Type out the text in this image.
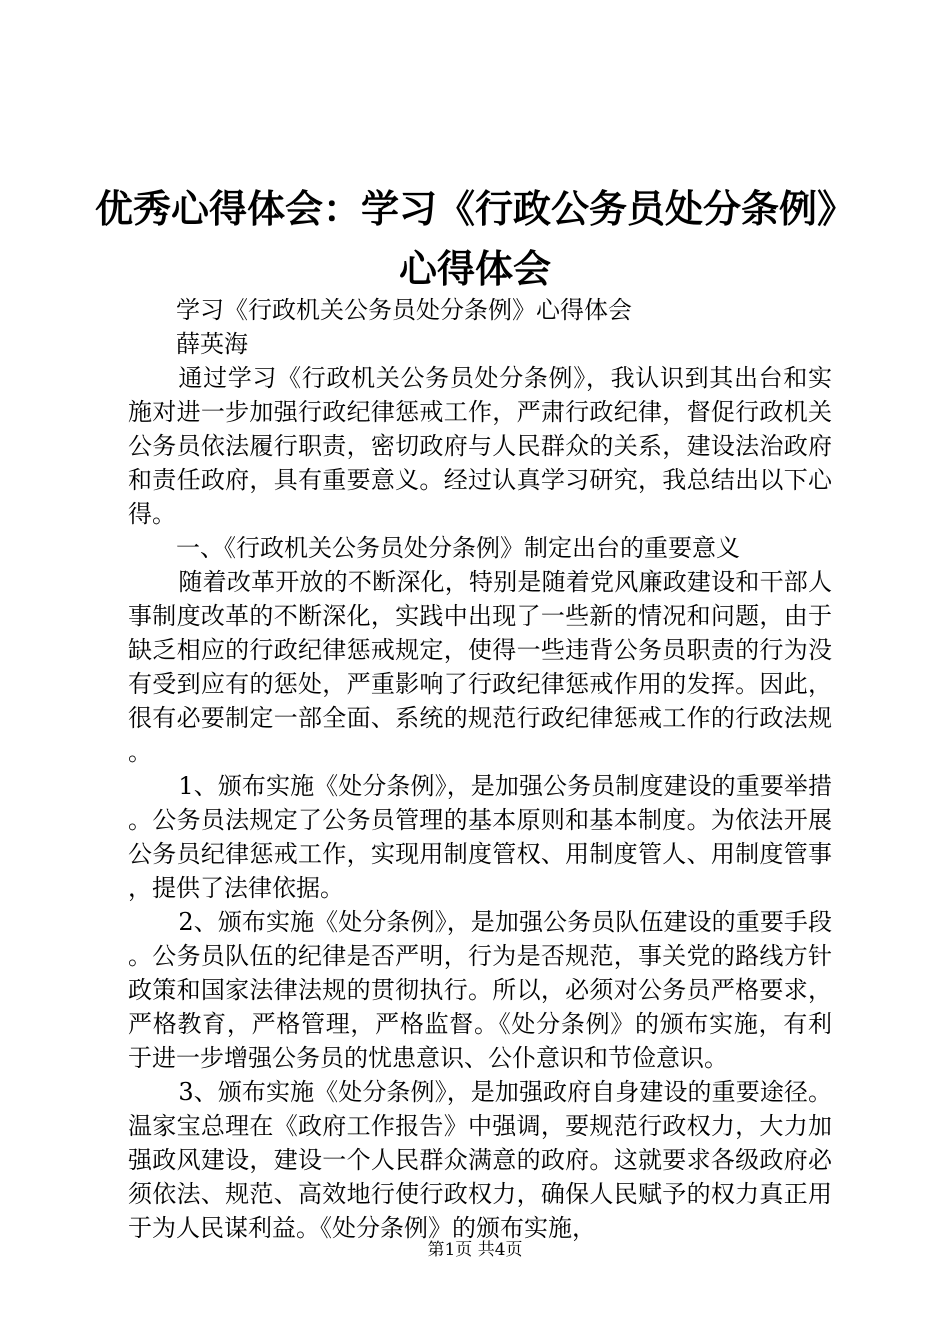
优秀心得体会：学习《行政公务员处分条例》
心得体会

学习《行政机关公务员处分条例》心得体会

薛英海

通过学习《行政机关公务员处分条例》，我认识到其出台和实施对进一步加强行政纪律惩戒工作，严肃行政纪律，督促行政机关公务员依法履行职责，密切政府与人民群众的关系，建设法治政府和责任政府，具有重要意义。经过认真学习研究，我总结出以下心得。

一、《行政机关公务员处分条例》制定出台的重要意义

随着改革开放的不断深化，特别是随着党风廉政建设和干部人事制度改革的不断深化，实践中出现了一些新的情况和问题，由于缺乏相应的行政纪律惩戒规定，使得一些违背公务员职责的行为没有受到应有的惩处，严重影响了行政纪律惩戒作用的发挥。因此，很有必要制定一部全面、系统的规范行政纪律惩戒工作的行政法规。

1、颁布实施《处分条例》，是加强公务员制度建设的重要举措。公务员法规定了公务员管理的基本原则和基本制度。为依法开展公务员纪律惩戒工作，实现用制度管权、用制度管人、用制度管事，提供了法律依据。

2、颁布实施《处分条例》，是加强公务员队伍建设的重要手段。公务员队伍的纪律是否严明，行为是否规范，事关党的路线方针政策和国家法律法规的贯彻执行。所以，必须对公务员严格要求，严格教育，严格管理，严格监督。《处分条例》的颁布实施，有利于进一步增强公务员的忧患意识、公仆意识和节俭意识。

3、颁布实施《处分条例》，是加强政府自身建设的重要途径。温家宝总理在《政府工作报告》中强调，要规范行政权力，大力加强政风建设，建设一个人民群众满意的政府。这就要求各级政府必须依法、规范、高效地行使行政权力，确保人民赋予的权力真正用于为人民谋利益。《处分条例》的颁布实施，

第1页 共4页
